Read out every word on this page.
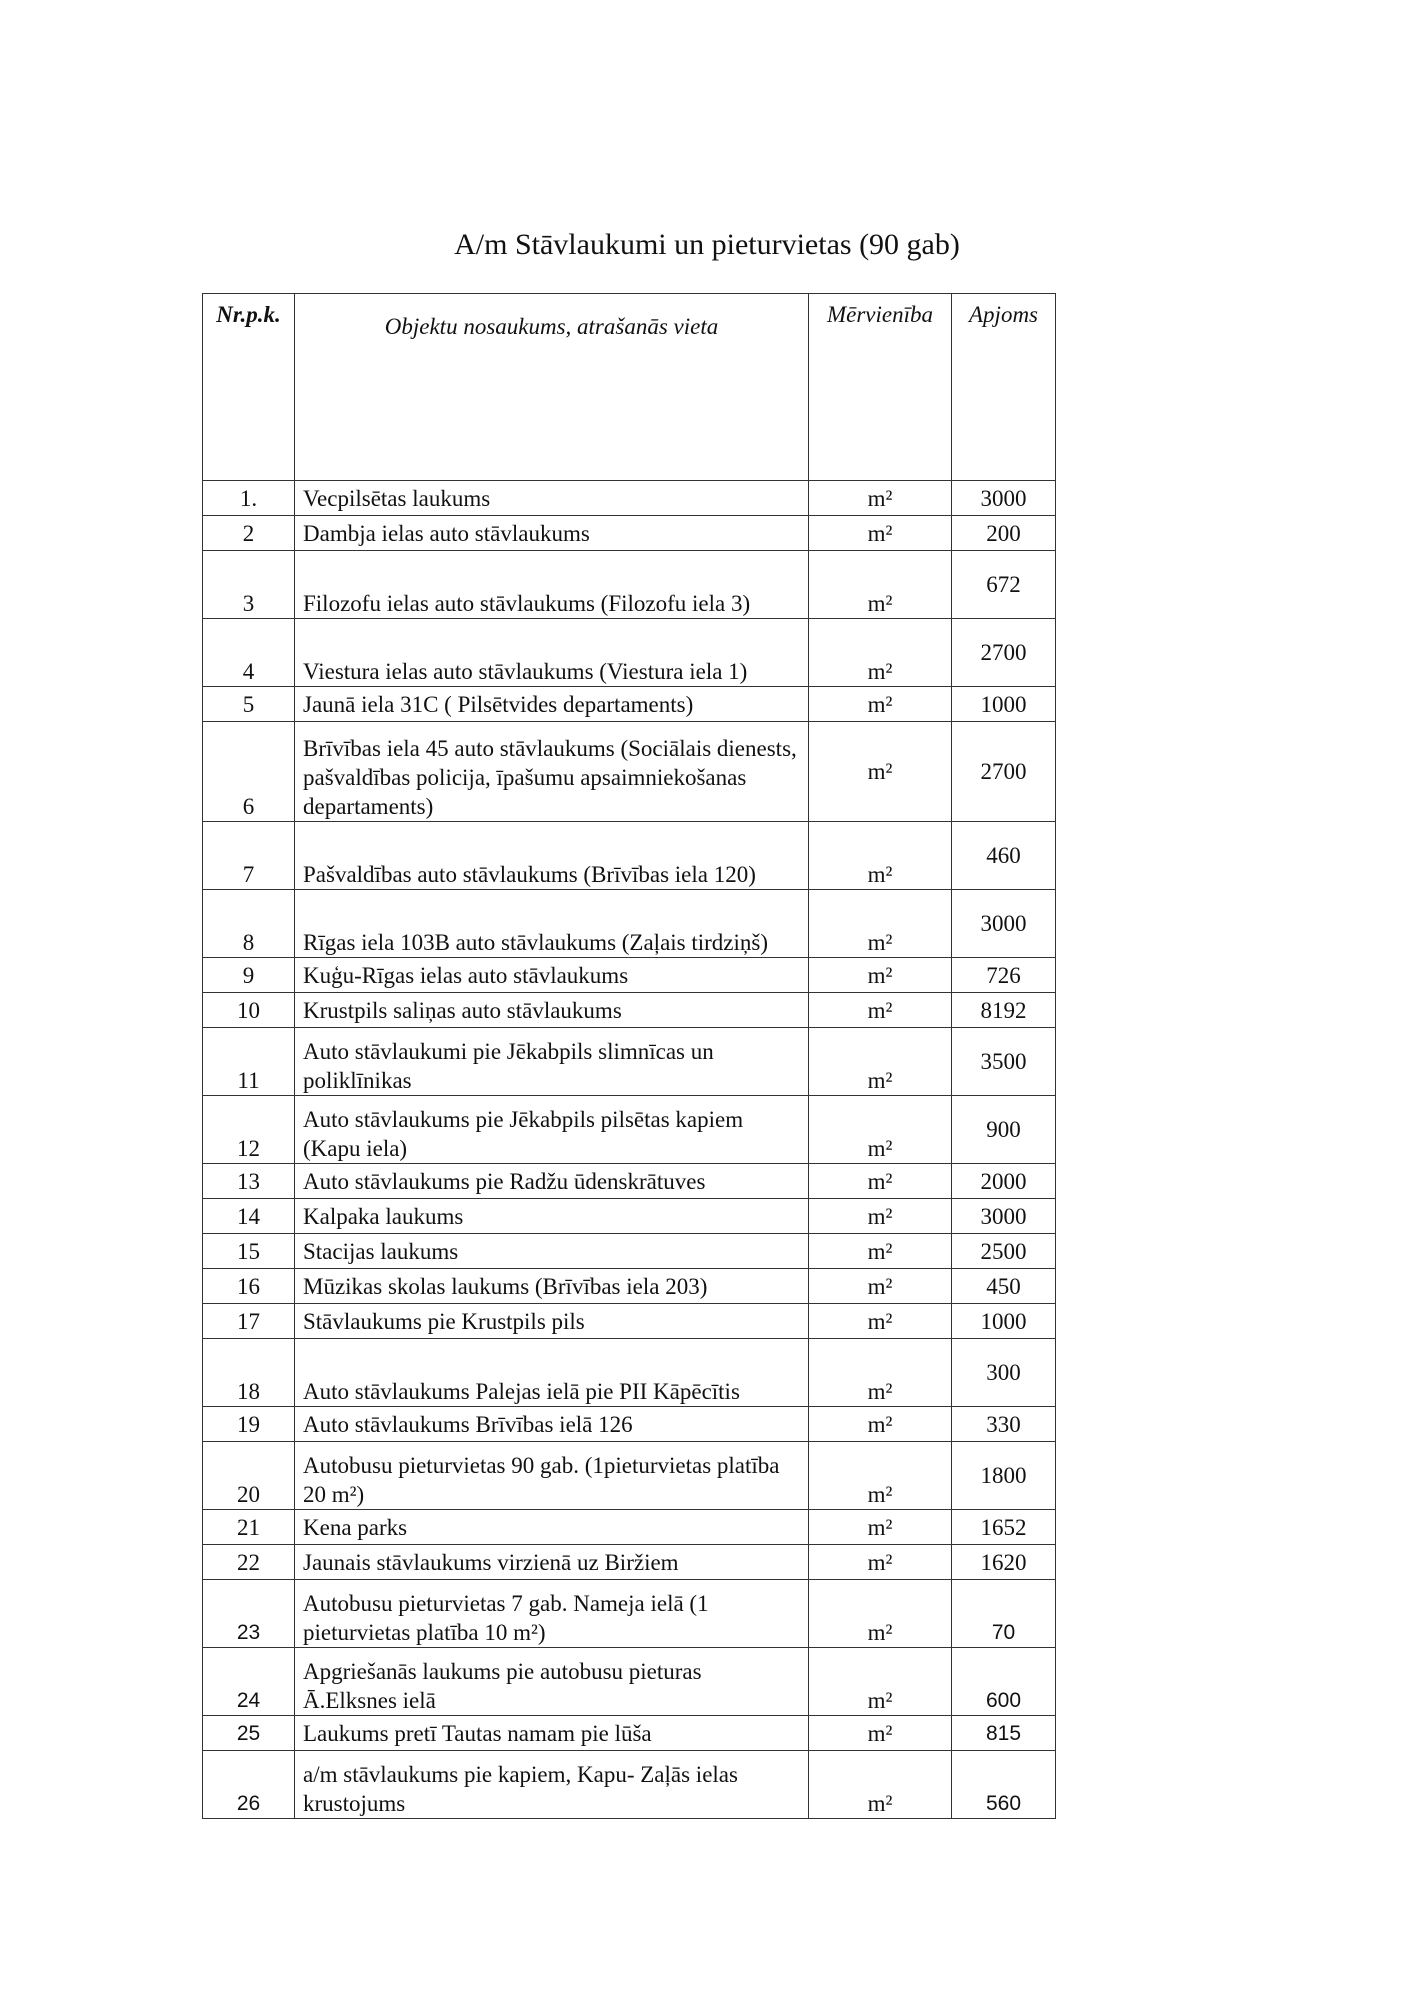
A/m Stāvlaukumi un pieturvietas (90 gab)
Nr.p.k.	Objektu nosaukums, atrašanās vieta	Mērvienība	Apjoms
1.	Vecpilsētas laukums	m²	3000
2	Dambja ielas auto stāvlaukums	m²	200
3	Filozofu ielas auto stāvlaukums (Filozofu iela 3)	m²	672
4	Viestura ielas auto stāvlaukums (Viestura iela 1)	m²	2700
5	Jaunā iela 31C ( Pilsētvides departaments)	m²	1000
6	Brīvības iela 45 auto stāvlaukums (Sociālais dienests, pašvaldības policija, īpašumu apsaimniekošanas departaments)	m²	2700
7	Pašvaldības auto stāvlaukums (Brīvības iela 120)	m²	460
8	Rīgas iela 103B auto stāvlaukums (Zaļais tirdziņš)	m²	3000
9	Kuģu-Rīgas ielas auto stāvlaukums	m²	726
10	Krustpils saliņas auto stāvlaukums	m²	8192
11	Auto stāvlaukumi pie Jēkabpils slimnīcas un poliklīnikas	m²	3500
12	Auto stāvlaukums pie Jēkabpils pilsētas kapiem (Kapu iela)	m²	900
13	Auto stāvlaukums pie Radžu ūdenskrātuves	m²	2000
14	Kalpaka laukums	m²	3000
15	Stacijas laukums	m²	2500
16	Mūzikas skolas laukums (Brīvības iela 203)	m²	450
17	Stāvlaukums pie Krustpils pils	m²	1000
18	Auto stāvlaukums Palejas ielā pie PII Kāpēcītis	m²	300
19	Auto stāvlaukums Brīvības ielā 126	m²	330
20	Autobusu pieturvietas 90 gab. (1pieturvietas platība 20 m²)	m²	1800
21	Kena parks	m²	1652
22	Jaunais stāvlaukums virzienā uz Biržiem	m²	1620
23	Autobusu pieturvietas 7 gab. Nameja ielā (1 pieturvietas platība 10 m²)	m²	70
24	Apgriešanās laukums pie autobusu pieturas Ā.Elksnes ielā	m²	600
25	Laukums pretī Tautas namam pie lūša	m²	815
26	a/m stāvlaukums pie kapiem, Kapu- Zaļās ielas krustojums	m²	560
